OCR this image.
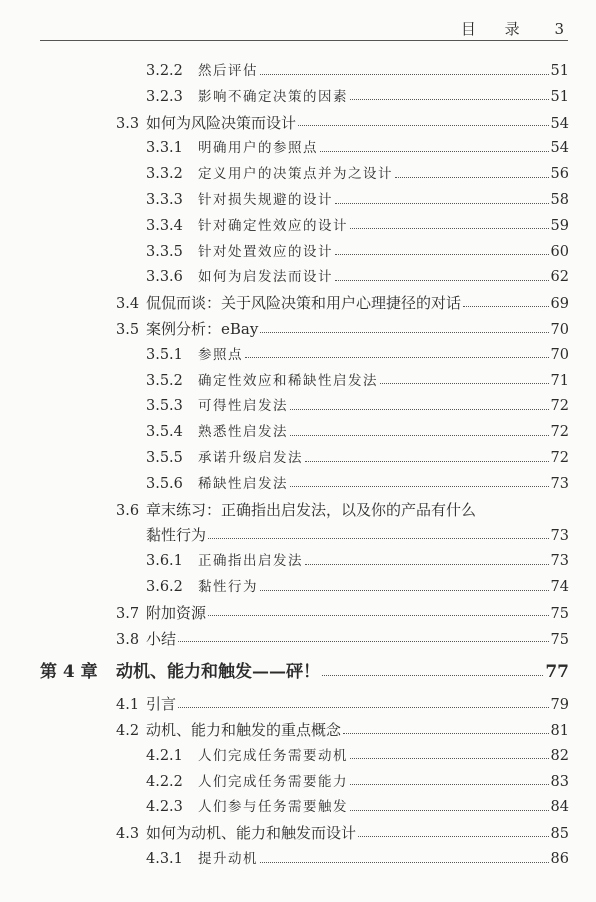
目 录 3
3.2.2	然后评估	51
3.2.3	影响不确定决策的因素	51
3.3 如何为风险决策而设计	54
3.3.1	明确用户的参照点	54
3.3.2	定义用户的决策点并为之设计	56
3.3.3	针对损失规避的设计	58
3.3.4	针对确定性效应的设计	59
3.3.5	针对处置效应的设计	60
3.3.6	如何为启发法而设计	62
3.4 侃侃而谈：关于风险决策和用户心理捷径的对话	69
3.5 案例分析：eBay	70
3.5.1	参照点	70
3.5.2	确定性效应和稀缺性启发法	71
3.5.3	可得性启发法	72
3.5.4	熟悉性启发法	72
3.5.5	承诺升级启发法	72
3.5.6	稀缺性启发法	73
3.6 章末练习：正确指出启发法，以及你的产品有什么
黏性行为	73
3.6.1	正确指出启发法	73
3.6.2	黏性行为	74
3.7 附加资源	75
3.8 小结	75
第 4 章	动机、能力和触发——砰！	77
4.1 引言	79
4.2 动机、能力和触发的重点概念	81
4.2.1	人们完成任务需要动机	82
4.2.2	人们完成任务需要能力	83
4.2.3	人们参与任务需要触发	84
4.3 如何为动机、能力和触发而设计	85
4.3.1	提升动机	86
